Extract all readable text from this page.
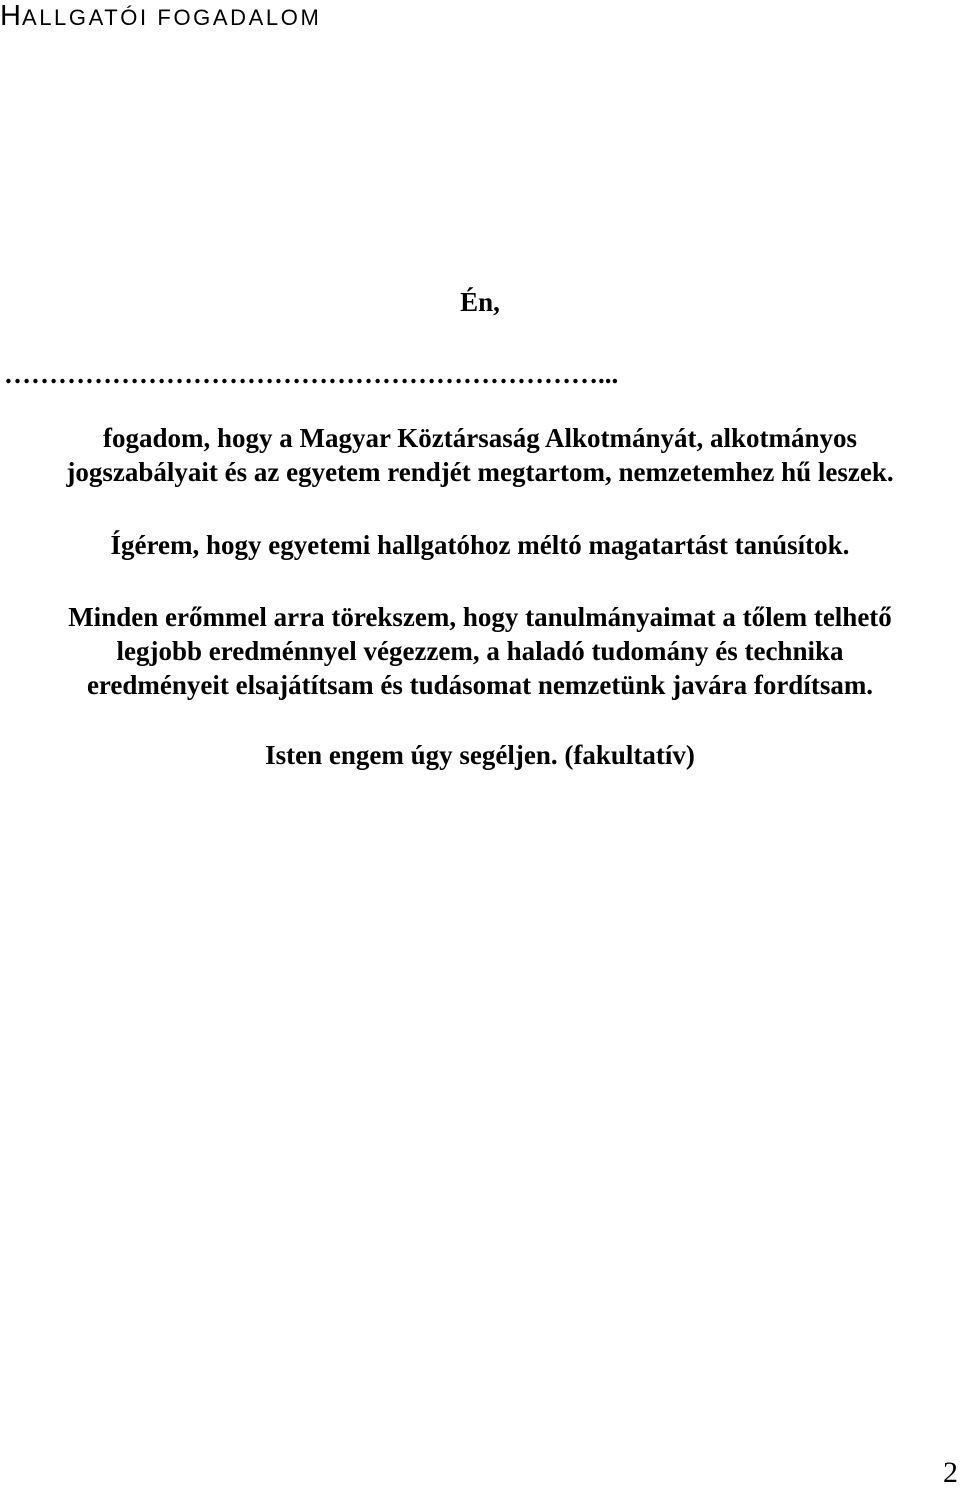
HALLGATÓI FOGADALOM
Én,
…………………………………………………………...
fogadom, hogy a Magyar Köztársaság Alkotmányát, alkotmányos
jogszabályait és az egyetem rendjét megtartom, nemzetemhez hű leszek.
Ígérem, hogy egyetemi hallgatóhoz méltó magatartást tanúsítok.
Minden erőmmel arra törekszem, hogy tanulmányaimat a tőlem telhető
legjobb eredménnyel végezzem, a haladó tudomány és technika
eredményeit elsajátítsam és tudásomat nemzetünk javára fordítsam.
Isten engem úgy segéljen. (fakultatív)
2
